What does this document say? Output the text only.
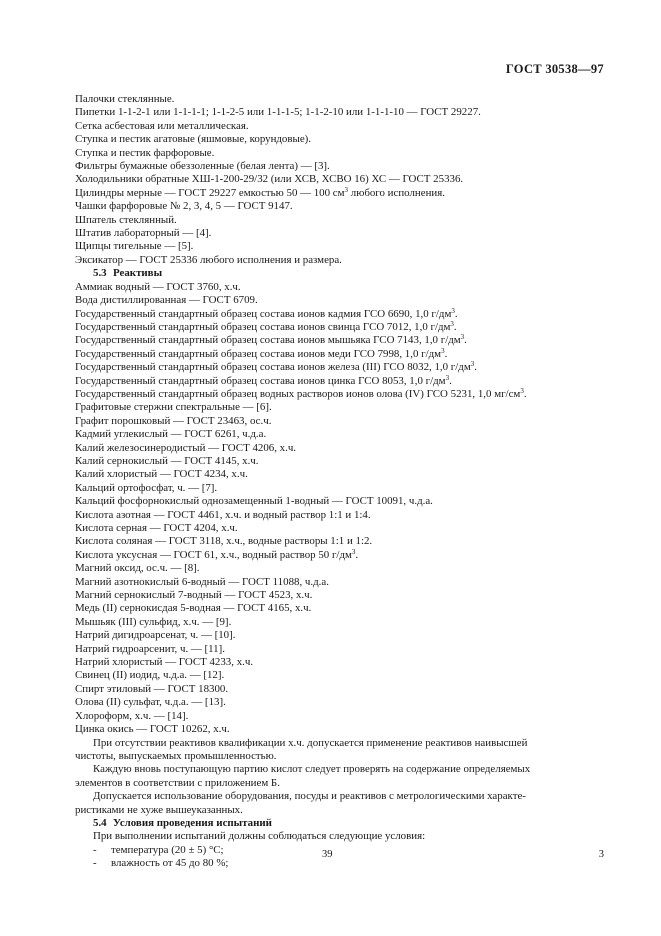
ГОСТ 30538—97
Палочки стеклянные.
Пипетки 1-1-2-1 или 1-1-1-1; 1-1-2-5 или 1-1-1-5; 1-1-2-10 или 1-1-1-10 — ГОСТ 29227.
Сетка асбестовая или металлическая.
Ступка и пестик агатовые (яшмовые, корундовые).
Ступка и пестик фарфоровые.
Фильтры бумажные обеззоленные (белая лента) — [3].
Холодильники обратные ХШ-1-200-29/32 (или ХСВ, ХСВО 16) ХС — ГОСТ 25336.
Цилиндры мерные — ГОСТ 29227 емкостью 50 — 100 $см^3$ любого исполнения.
Чашки фарфоровые № 2, 3, 4, 5 — ГОСТ 9147.
Шпатель стеклянный.
Штатив лабораторный — [4].
Щипцы тигельные — [5].
Эксикатор — ГОСТ 25336 любого исполнения и размера.
5.3 Реактивы
Аммиак водный — ГОСТ 3760, х.ч.
Вода дистиллированная — ГОСТ 6709.
Государственный стандартный образец состава ионов кадмия ГСО 6690, 1,0 $г/дм^3$.
Государственный стандартный образец состава ионов свинца ГСО 7012, 1,0 $г/дм^3$.
Государственный стандартный образец состава ионов мышьяка ГСО 7143, 1,0 $г/дм^3$.
Государственный стандартный образец состава ионов меди ГСО 7998, 1,0 $г/дм^3$.
Государственный стандартный образец состава ионов железа (III) ГСО 8032, 1,0 $г/дм^3$.
Государственный стандартный образец состава ионов цинка ГСО 8053, 1,0 $г/дм^3$.
Государственный стандартный образец водных растворов ионов олова (IV) ГСО 5231, 1,0 $мг/см^3$.
Графитовые стержни спектральные — [6].
Графит порошковый — ГОСТ 23463, ос.ч.
Кадмий углекислый — ГОСТ 6261, ч.д.а.
Калий железосинеродистый — ГОСТ 4206, х.ч.
Калий сернокислый — ГОСТ 4145, х.ч.
Калий хлористый — ГОСТ 4234, х.ч.
Кальций ортофосфат, ч. — [7].
Кальций фосфорнокислый однозамещенный 1-водный — ГОСТ 10091, ч.д.а.
Кислота азотная — ГОСТ 4461, х.ч. и водный раствор 1:1 и 1:4.
Кислота серная — ГОСТ 4204, х.ч.
Кислота соляная — ГОСТ 3118, х.ч., водные растворы 1:1 и 1:2.
Кислота уксусная — ГОСТ 61, х.ч., водный раствор 50 $г/дм^3$.
Магний оксид, ос.ч. — [8].
Магний азотнокислый 6-водный — ГОСТ 11088, ч.д.а.
Магний сернокислый 7-водный — ГОСТ 4523, х.ч.
Медь (II) сернокисдая 5-водная — ГОСТ 4165, х.ч.
Мышьяк (III) сульфид, х.ч. — [9].
Натрий дигидроарсенат, ч. — [10].
Натрий гидроарсенит, ч. — [11].
Натрий хлористый — ГОСТ 4233, х.ч.
Свинец (II) иодид, ч.д.а. — [12].
Спирт этиловый — ГОСТ 18300.
Олова (II) сульфат, ч.д.а. — [13].
Хлороформ, х.ч. — [14].
Цинка окись — ГОСТ 10262, х.ч.
При отсутствии реактивов квалификации х.ч. допускается применение реактивов наивысшей
чистоты, выпускаемых промышленностью.
Каждую вновь поступающую партию кислот следует проверять на содержание определяемых
элементов в соответствии с приложением Б.
Допускается использование оборудования, посуды и реактивов с метрологическими характе-
ристиками не хуже вышеуказанных.
5.4 Условия проведения испытаний
При выполнении испытаний должны соблюдаться следующие условия:
- температура (20 ± 5) °С;
- влажность от 45 до 80 %;
39	3
